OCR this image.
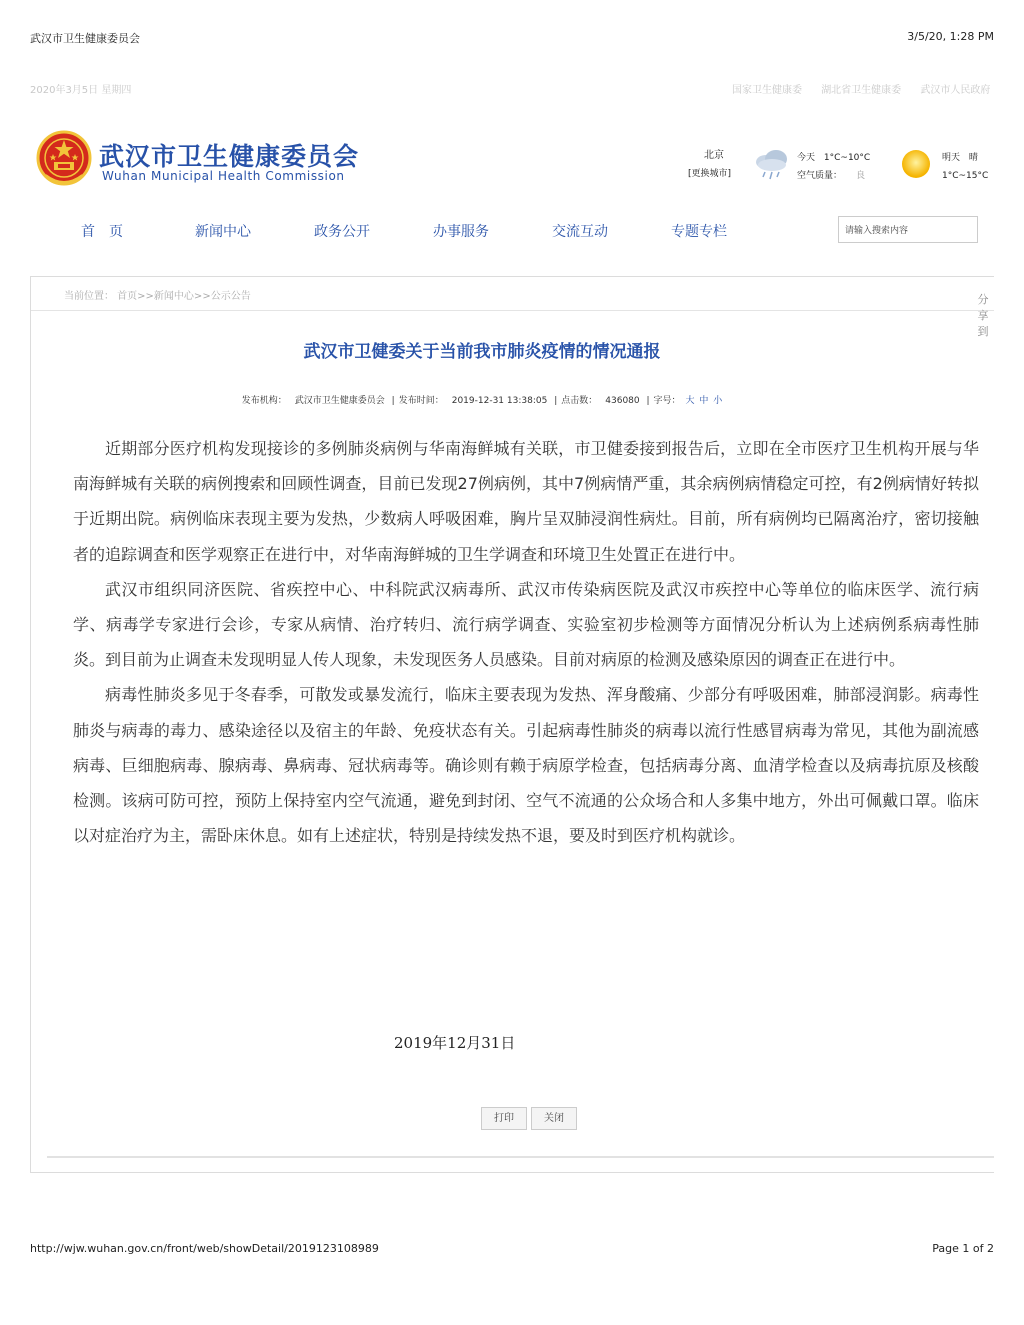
武汉市卫生健康委员会	3/5/20, 1:28 PM
2020年3月5日 星期四	国家卫生健康委 湖北省卫生健康委 武汉市人民政府
武汉市卫生健康委员会
Wuhan Municipal Health Commission
北京
[更换城市]
今天 1°C~10°C
空气质量： 良
明天 晴
1°C~15°C
首　页	新闻中心	政务公开	办事服务	交流互动	专题专栏
请输入搜索内容
当前位置： 首页>>新闻中心>>公示公告	分享到
武汉市卫健委关于当前我市肺炎疫情的情况通报
发布机构： 武汉市卫生健康委员会 | 发布时间： 2019-12-31 13:38:05 | 点击数： 436080 | 字号： 大 中 小

近期部分医疗机构发现接诊的多例肺炎病例与华南海鲜城有关联，市卫健委接到报告后，立即在全市医疗卫生机构开展与华南海鲜城有关联的病例搜索和回顾性调查，目前已发现27例病例，其中7例病情严重，其余病例病情稳定可控，有2例病情好转拟于近期出院。病例临床表现主要为发热，少数病人呼吸困难，胸片呈双肺浸润性病灶。目前，所有病例均已隔离治疗，密切接触者的追踪调查和医学观察正在进行中，对华南海鲜城的卫生学调查和环境卫生处置正在进行中。

武汉市组织同济医院、省疾控中心、中科院武汉病毒所、武汉市传染病医院及武汉市疾控中心等单位的临床医学、流行病学、病毒学专家进行会诊，专家从病情、治疗转归、流行病学调查、实验室初步检测等方面情况分析认为上述病例系病毒性肺炎。到目前为止调查未发现明显人传人现象，未发现医务人员感染。目前对病原的检测及感染原因的调查正在进行中。

病毒性肺炎多见于冬春季，可散发或暴发流行，临床主要表现为发热、浑身酸痛、少部分有呼吸困难，肺部浸润影。病毒性肺炎与病毒的毒力、感染途径以及宿主的年龄、免疫状态有关。引起病毒性肺炎的病毒以流行性感冒病毒为常见，其他为副流感病毒、巨细胞病毒、腺病毒、鼻病毒、冠状病毒等。确诊则有赖于病原学检查，包括病毒分离、血清学检查以及病毒抗原及核酸检测。该病可防可控，预防上保持室内空气流通，避免到封闭、空气不流通的公众场合和人多集中地方，外出可佩戴口罩。临床以对症治疗为主，需卧床休息。如有上述症状，特别是持续发热不退，要及时到医疗机构就诊。

2019年12月31日
打印	关闭
http://wjw.wuhan.gov.cn/front/web/showDetail/2019123108989	Page 1 of 2
